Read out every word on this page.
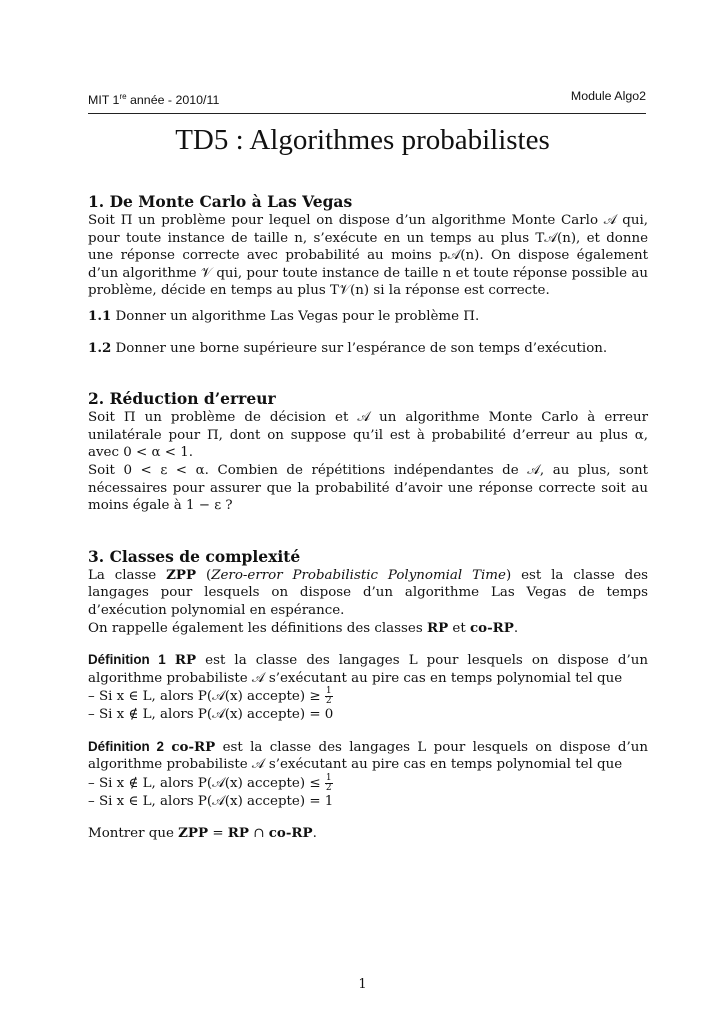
MIT 1re année - 2010/11	Module Algo2
TD5 : Algorithmes probabilistes
1. De Monte Carlo à Las Vegas

Soit Π un problème pour lequel on dispose d’un algorithme Monte Carlo 𝒜 qui, pour toute instance de taille n, s’exécute en un temps au plus T𝒜(n), et donne une réponse correcte avec probabilité au moins p𝒜(n). On dispose également d’un algorithme 𝒱 qui, pour toute instance de taille n et toute réponse possible au problème, décide en temps au plus T𝒱(n) si la réponse est correcte.

1.1 Donner un algorithme Las Vegas pour le problème Π.

1.2 Donner une borne supérieure sur l’espérance de son temps d’exécution.

2. Réduction d’erreur

Soit Π un problème de décision et 𝒜 un algorithme Monte Carlo à erreur unilatérale pour Π, dont on suppose qu’il est à probabilité d’erreur au plus α, avec 0 < α < 1.

Soit 0 < ε < α. Combien de répétitions indépendantes de 𝒜, au plus, sont nécessaires pour assurer que la probabilité d’avoir une réponse correcte soit au moins égale à 1 − ε ?

3. Classes de complexité

La classe ZPP (Zero-error Probabilistic Polynomial Time) est la classe des langages pour lesquels on dispose d’un algorithme Las Vegas de temps d’exécution polynomial en espérance.

On rappelle également les définitions des classes RP et co-RP.

Définition 1 RP est la classe des langages L pour lesquels on dispose d’un algorithme probabiliste 𝒜 s’exécutant au pire cas en temps polynomial tel que

– Si x ∈ L, alors P(𝒜(x) accepte) ≥ $\frac{1}{2}$

– Si x ∉ L, alors P(𝒜(x) accepte) = 0

Définition 2 co-RP est la classe des langages L pour lesquels on dispose d’un algorithme probabiliste 𝒜 s’exécutant au pire cas en temps polynomial tel que

– Si x ∉ L, alors P(𝒜(x) accepte) ≤ $\frac{1}{2}$

– Si x ∈ L, alors P(𝒜(x) accepte) = 1

Montrer que ZPP = RP ∩ co-RP.

1
